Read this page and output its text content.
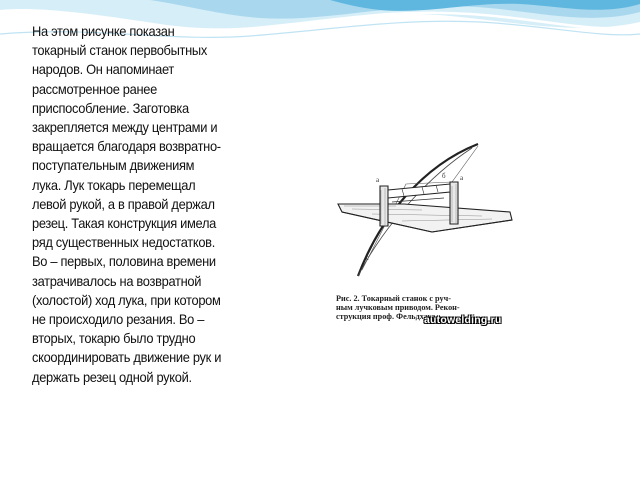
На этом рисунке показан
токарный станок первобытных
народов. Он напоминает
рассмотренное ранее
приспособление. Заготовка
закрепляется между центрами и
вращается благодаря возвратно-
поступательным движениям
лука. Лук токарь перемещал
левой рукой, а в правой держал
резец. Такая конструкция имела
ряд существенных недостатков.
Во – первых, половина времени
затрачивалось на возвратной
(холостой) ход лука, при котором
не происходило резания. Во –
вторых, токарю было трудно
скоординировать движение рук и
держать резец одной рукой.
а	а
б
с
Рис. 2. Токарный станок с руч-
ным лучковым приводом. Рекон-
струкция проф. Фельдхауа.
autowelding.ru
